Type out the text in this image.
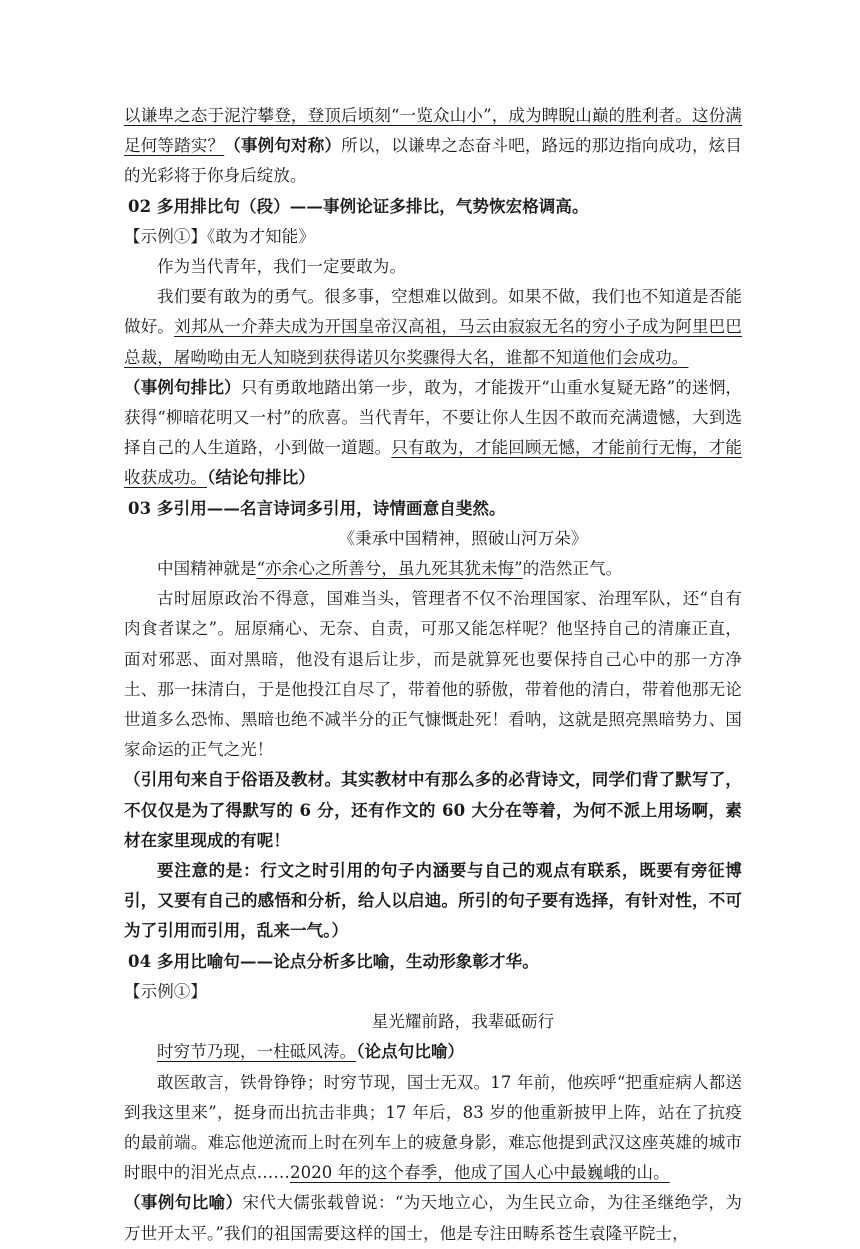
以谦卑之态于泥泞攀登，登顶后顷刻“一览众山小”，成为睥睨山巅的胜利者。这份满足何等踏实？（事例句对称）所以，以谦卑之态奋斗吧，路远的那边指向成功，炫目的光彩将于你身后绽放。

02 多用排比句（段）——事例论证多排比，气势恢宏格调高。

【示例①】《敢为才知能》

作为当代青年，我们一定要敢为。

我们要有敢为的勇气。很多事，空想难以做到。如果不做，我们也不知道是否能做好。刘邦从一介莽夫成为开国皇帝汉高祖，马云由寂寂无名的穷小子成为阿里巴巴总裁，屠呦呦由无人知晓到获得诺贝尔奖骤得大名，谁都不知道他们会成功。

（事例句排比）只有勇敢地踏出第一步，敢为，才能拨开“山重水复疑无路”的迷惘，获得“柳暗花明又一村”的欣喜。当代青年，不要让你人生因不敢而充满遗憾，大到选择自己的人生道路，小到做一道题。只有敢为，才能回顾无憾，才能前行无悔，才能收获成功。（结论句排比）

03 多引用——名言诗词多引用，诗情画意自斐然。

《秉承中国精神，照破山河万朵》

中国精神就是“亦余心之所善兮，虽九死其犹未悔”的浩然正气。

古时屈原政治不得意，国难当头，管理者不仅不治理国家、治理军队，还“自有肉食者谋之”。屈原痛心、无奈、自责，可那又能怎样呢？他坚持自己的清廉正直，面对邪恶、面对黑暗，他没有退后让步，而是就算死也要保持自己心中的那一方净土、那一抹清白，于是他投江自尽了，带着他的骄傲，带着他的清白，带着他那无论世道多么恐怖、黑暗也绝不减半分的正气慷慨赴死！看呐，这就是照亮黑暗势力、国家命运的正气之光！

（引用句来自于俗语及教材。其实教材中有那么多的必背诗文，同学们背了默写了，不仅仅是为了得默写的 6 分，还有作文的 60 大分在等着，为何不派上用场啊，素材在家里现成的有呢！

要注意的是：行文之时引用的句子内涵要与自己的观点有联系，既要有旁征博引，又要有自己的感悟和分析，给人以启迪。所引的句子要有选择，有针对性，不可为了引用而引用，乱来一气。）

04 多用比喻句——论点分析多比喻，生动形象彰才华。

【示例①】

星光耀前路，我辈砥砺行

时穷节乃现，一柱砥风涛。（论点句比喻）

敢医敢言，铁骨铮铮；时穷节现，国士无双。17 年前，他疾呼“把重症病人都送到我这里来”，挺身而出抗击非典；17 年后，83 岁的他重新披甲上阵，站在了抗疫的最前端。难忘他逆流而上时在列车上的疲惫身影，难忘他提到武汉这座英雄的城市时眼中的泪光点点……2020 年的这个春季，他成了国人心中最巍峨的山。

（事例句比喻）宋代大儒张载曾说：“为天地立心，为生民立命，为往圣继绝学，为万世开太平。”我们的祖国需要这样的国士，他是专注田畴系苍生袁隆平院士，
